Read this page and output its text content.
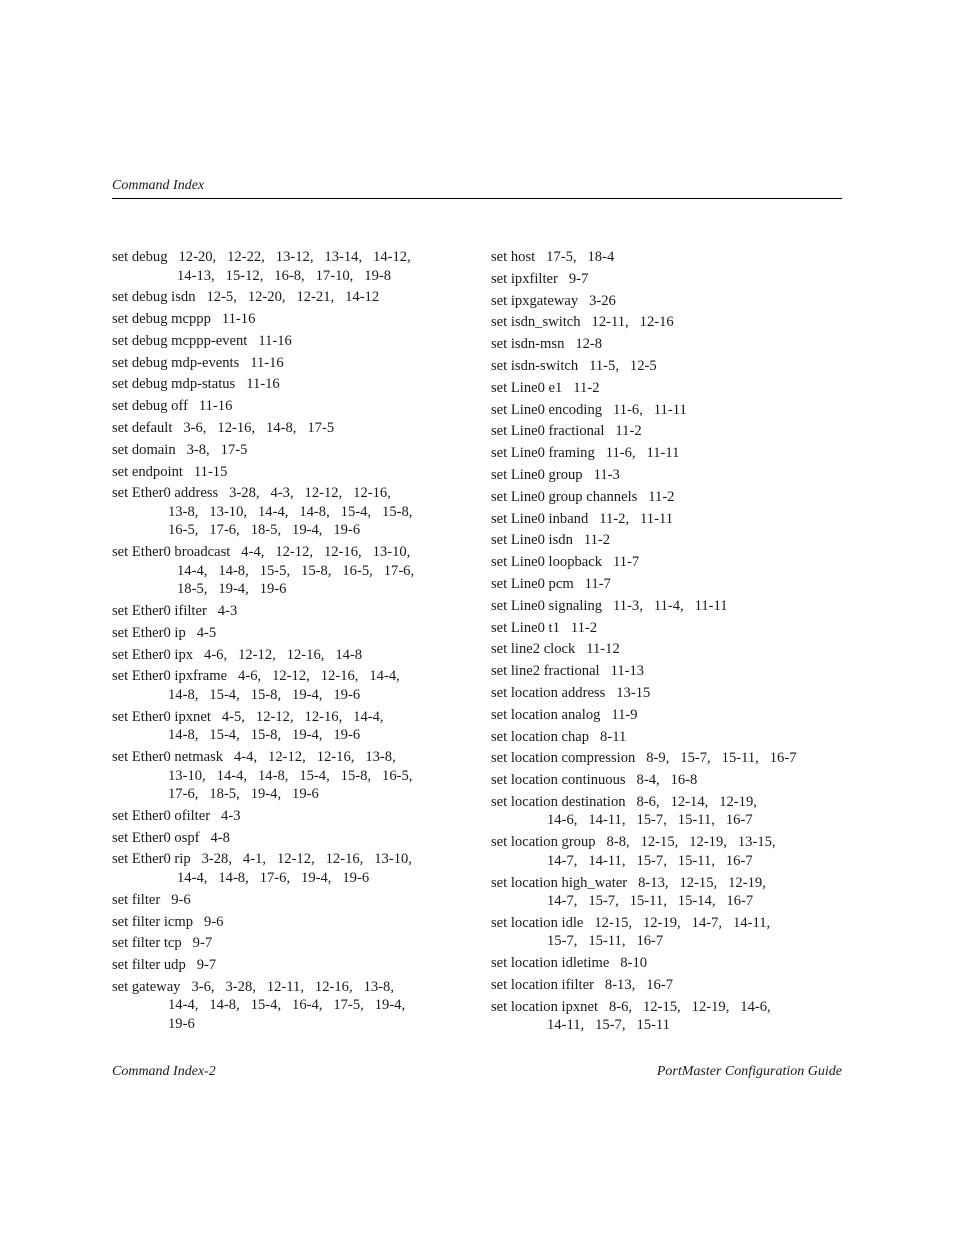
Command Index
set debug 12-20,   12-22,   13-12,   13-14,   14-12,
14-13,   15-12,   16-8,   17-10,   19-8
set debug isdn 12-5,   12-20,   12-21,   14-12
set debug mcppp 11-16
set debug mcppp-event 11-16
set debug mdp-events 11-16
set debug mdp-status 11-16
set debug off 11-16
set default 3-6,   12-16,   14-8,   17-5
set domain 3-8,   17-5
set endpoint 11-15
set Ether0 address 3-28,   4-3,   12-12,   12-16,
13-8,   13-10,   14-4,   14-8,   15-4,   15-8,
16-5,   17-6,   18-5,   19-4,   19-6
set Ether0 broadcast 4-4,   12-12,   12-16,   13-10,
14-4,   14-8,   15-5,   15-8,   16-5,   17-6,
18-5,   19-4,   19-6
set Ether0 ifilter 4-3
set Ether0 ip 4-5
set Ether0 ipx 4-6,   12-12,   12-16,   14-8
set Ether0 ipxframe 4-6,   12-12,   12-16,   14-4,
14-8,   15-4,   15-8,   19-4,   19-6
set Ether0 ipxnet 4-5,   12-12,   12-16,   14-4,
14-8,   15-4,   15-8,   19-4,   19-6
set Ether0 netmask 4-4,   12-12,   12-16,   13-8,
13-10,   14-4,   14-8,   15-4,   15-8,   16-5,
17-6,   18-5,   19-4,   19-6
set Ether0 ofilter 4-3
set Ether0 ospf 4-8
set Ether0 rip 3-28,   4-1,   12-12,   12-16,   13-10,
14-4,   14-8,   17-6,   19-4,   19-6
set filter 9-6
set filter icmp 9-6
set filter tcp 9-7
set filter udp 9-7
set gateway 3-6,   3-28,   12-11,   12-16,   13-8,
14-4,   14-8,   15-4,   16-4,   17-5,   19-4,
19-6
set host 17-5,   18-4
set ipxfilter 9-7
set ipxgateway 3-26
set isdn_switch 12-11,   12-16
set isdn-msn 12-8
set isdn-switch 11-5,   12-5
set Line0 e1 11-2
set Line0 encoding 11-6,   11-11
set Line0 fractional 11-2
set Line0 framing 11-6,   11-11
set Line0 group 11-3
set Line0 group channels 11-2
set Line0 inband 11-2,   11-11
set Line0 isdn 11-2
set Line0 loopback 11-7
set Line0 pcm 11-7
set Line0 signaling 11-3,   11-4,   11-11
set Line0 t1 11-2
set line2 clock 11-12
set line2 fractional 11-13
set location address 13-15
set location analog 11-9
set location chap 8-11
set location compression 8-9,   15-7,   15-11,   16-7
set location continuous 8-4,   16-8
set location destination 8-6,   12-14,   12-19,
14-6,   14-11,   15-7,   15-11,   16-7
set location group 8-8,   12-15,   12-19,   13-15,
14-7,   14-11,   15-7,   15-11,   16-7
set location high_water 8-13,   12-15,   12-19,
14-7,   15-7,   15-11,   15-14,   16-7
set location idle 12-15,   12-19,   14-7,   14-11,
15-7,   15-11,   16-7
set location idletime 8-10
set location ifilter 8-13,   16-7
set location ipxnet 8-6,   12-15,   12-19,   14-6,
14-11,   15-7,   15-11
Command Index-2	PortMaster Configuration Guide
